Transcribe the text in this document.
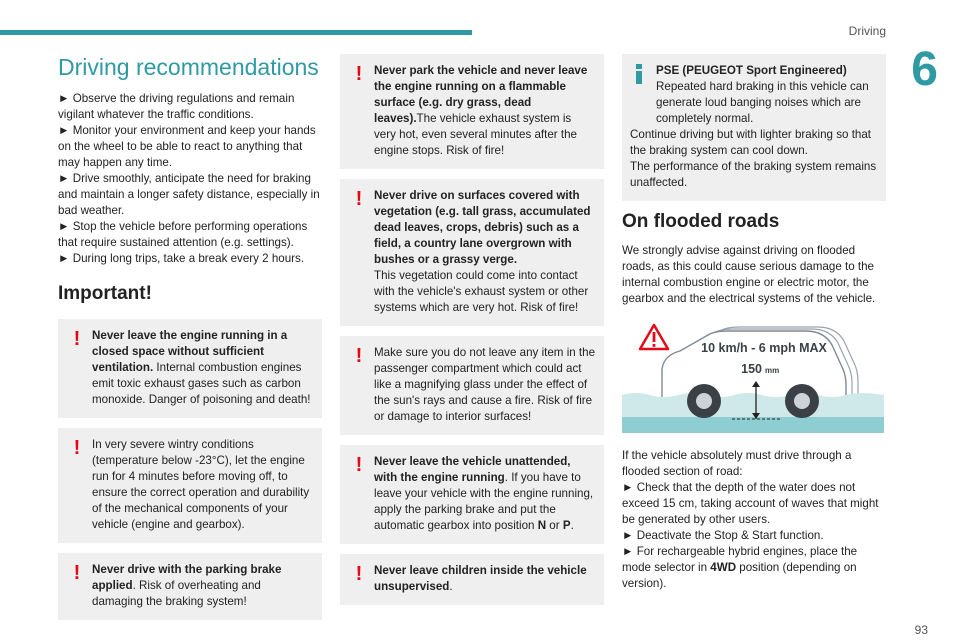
Driving
6
93
Driving recommendations

► Observe the driving regulations and remain vigilant whatever the traffic conditions.

► Monitor your environment and keep your hands on the wheel to be able to react to anything that may happen any time.

► Drive smoothly, anticipate the need for braking and maintain a longer safety distance, especially in bad weather.

► Stop the vehicle before performing operations that require sustained attention (e.g. settings).

► During long trips, take a break every 2 hours.

Important!
!	Never leave the engine running in a closed space without sufficient ventilation. Internal combustion engines emit toxic exhaust gases such as carbon monoxide. Danger of poisoning and death!
!	In very severe wintry conditions (temperature below -23°C), let the engine run for 4 minutes before moving off, to ensure the correct operation and durability of the mechanical components of your vehicle (engine and gearbox).
!	Never drive with the parking brake applied. Risk of overheating and damaging the braking system!
!	Never park the vehicle and never leave the engine running on a flammable surface (e.g. dry grass, dead leaves).The vehicle exhaust system is very hot, even several minutes after the engine stops. Risk of fire!
!	Never drive on surfaces covered with vegetation (e.g. tall grass, accumulated dead leaves, crops, debris) such as a field, a country lane overgrown with bushes or a grassy verge.
This vegetation could come into contact with the vehicle's exhaust system or other systems which are very hot. Risk of fire!
!	Make sure you do not leave any item in the passenger compartment which could act like a magnifying glass under the effect of the sun's rays and cause a fire. Risk of fire or damage to interior surfaces!
!	Never leave the vehicle unattended, with the engine running. If you have to leave your vehicle with the engine running, apply the parking brake and put the automatic gearbox into position N or P.
!	Never leave children inside the vehicle unsupervised.
PSE (PEUGEOT Sport Engineered)
Repeated hard braking in this vehicle can generate loud banging noises which are completely normal.
Continue driving but with lighter braking so that the braking system can cool down.
The performance of the braking system remains unaffected.
On flooded roads

We strongly advise against driving on flooded roads, as this could cause serious damage to the internal combustion engine or electric motor, the gearbox and the electrical systems of the vehicle.

10 km/h - 6 mph MAX
150 mm

If the vehicle absolutely must drive through a flooded section of road:

► Check that the depth of the water does not exceed 15 cm, taking account of waves that might be generated by other users.

► Deactivate the Stop & Start function.

► For rechargeable hybrid engines, place the mode selector in 4WD position (depending on version).
